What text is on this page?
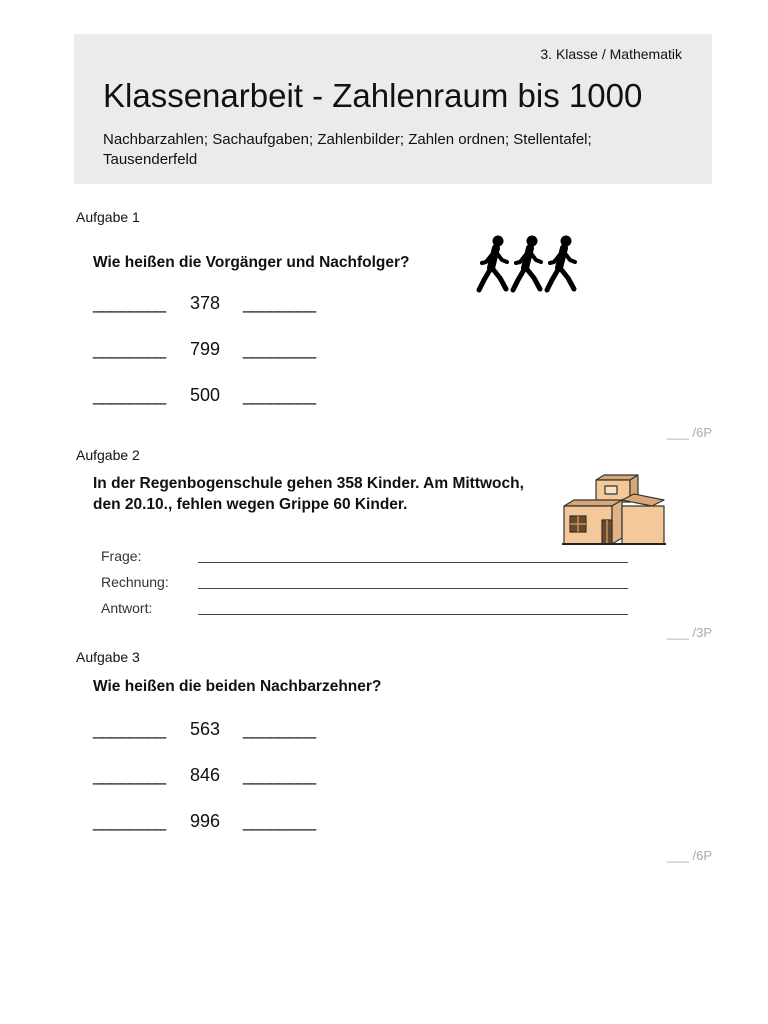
3. Klasse / Mathematik
Klassenarbeit - Zahlenraum bis 1000
Nachbarzahlen; Sachaufgaben; Zahlenbilder; Zahlen ordnen; Stellentafel; Tausenderfeld
Aufgabe 1
Wie heißen die Vorgänger und Nachfolger?
________ 378 ________
________ 799 ________
________ 500 ________
___ /6P
Aufgabe 2
In der Regenbogenschule gehen 358 Kinder. Am Mittwoch, den 20.10., fehlen wegen Grippe 60 Kinder.
Frage:
Rechnung:
Antwort:
___ /3P
Aufgabe 3
Wie heißen die beiden Nachbarzehner?
________ 563 ________
________ 846 ________
________ 996 ________
___ /6P
